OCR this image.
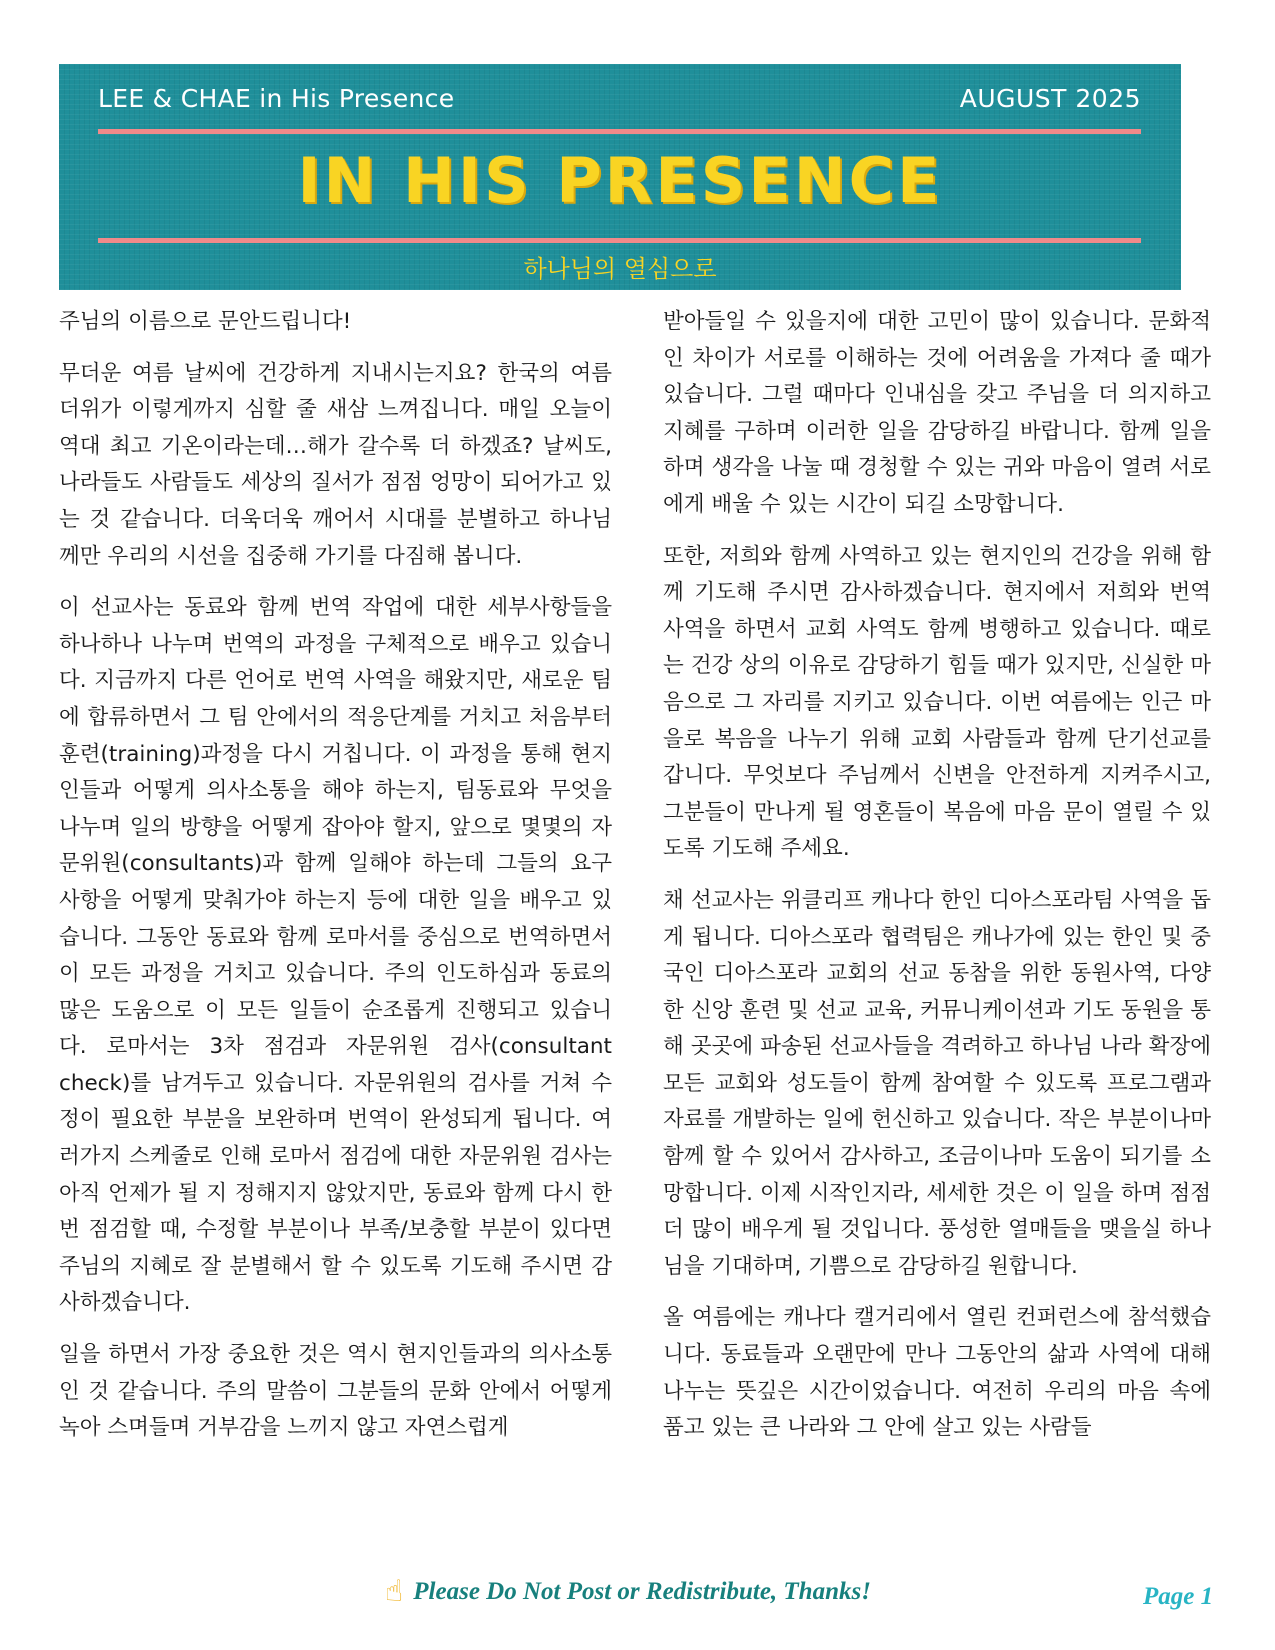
LEE & CHAE in His Presence	AUGUST 2025
IN HIS PRESENCE
하나님의 열심으로

주님의 이름으로 문안드립니다!

무더운 여름 날씨에 건강하게 지내시는지요? 한국의 여름 더위가 이렇게까지 심할 줄 새삼 느껴집니다. 매일 오늘이 역대 최고 기온이라는데…해가 갈수록 더 하겠죠? 날씨도, 나라들도 사람들도 세상의 질서가 점점 엉망이 되어가고 있는 것 같습니다. 더욱더욱 깨어서 시대를 분별하고 하나님께만 우리의 시선을 집중해 가기를 다짐해 봅니다.

이 선교사는 동료와 함께 번역 작업에 대한 세부사항들을 하나하나 나누며 번역의 과정을 구체적으로 배우고 있습니다. 지금까지 다른 언어로 번역 사역을 해왔지만, 새로운 팀에 합류하면서 그 팀 안에서의 적응단계를 거치고 처음부터 훈련(training)과정을 다시 거칩니다. 이 과정을 통해 현지인들과 어떻게 의사소통을 해야 하는지, 팀동료와 무엇을 나누며 일의 방향을 어떻게 잡아야 할지, 앞으로 몇몇의 자문위원(consultants)과 함께 일해야 하는데 그들의 요구 사항을 어떻게 맞춰가야 하는지 등에 대한 일을 배우고 있습니다. 그동안 동료와 함께 로마서를 중심으로 번역하면서 이 모든 과정을 거치고 있습니다. 주의 인도하심과 동료의 많은 도움으로 이 모든 일들이 순조롭게 진행되고 있습니다. 로마서는 3차 점검과 자문위원 검사(consultant check)를 남겨두고 있습니다. 자문위원의 검사를 거쳐 수정이 필요한 부분을 보완하며 번역이 완성되게 됩니다. 여러가지 스케줄로 인해 로마서 점검에 대한 자문위원 검사는 아직 언제가 될 지 정해지지 않았지만, 동료와 함께 다시 한번 점검할 때, 수정할 부분이나 부족/보충할 부분이 있다면 주님의 지혜로 잘 분별해서 할 수 있도록 기도해 주시면 감사하겠습니다.

일을 하면서 가장 중요한 것은 역시 현지인들과의 의사소통인 것 같습니다. 주의 말씀이 그분들의 문화 안에서 어떻게 녹아 스며들며 거부감을 느끼지 않고 자연스럽게

받아들일 수 있을지에 대한 고민이 많이 있습니다. 문화적인 차이가 서로를 이해하는 것에 어려움을 가져다 줄 때가 있습니다. 그럴 때마다 인내심을 갖고 주님을 더 의지하고 지혜를 구하며 이러한 일을 감당하길 바랍니다. 함께 일을 하며 생각을 나눌 때 경청할 수 있는 귀와 마음이 열려 서로에게 배울 수 있는 시간이 되길 소망합니다.

또한, 저희와 함께 사역하고 있는 현지인의 건강을 위해 함께 기도해 주시면 감사하겠습니다. 현지에서 저희와 번역 사역을 하면서 교회 사역도 함께 병행하고 있습니다. 때로는 건강 상의 이유로 감당하기 힘들 때가 있지만, 신실한 마음으로 그 자리를 지키고 있습니다. 이번 여름에는 인근 마을로 복음을 나누기 위해 교회 사람들과 함께 단기선교를 갑니다. 무엇보다 주님께서 신변을 안전하게 지켜주시고, 그분들이 만나게 될 영혼들이 복음에 마음 문이 열릴 수 있도록 기도해 주세요.

채 선교사는 위클리프 캐나다 한인 디아스포라팀 사역을 돕게 됩니다. 디아스포라 협력팀은 캐나가에 있는 한인 및 중국인 디아스포라 교회의 선교 동참을 위한 동원사역, 다양한 신앙 훈련 및 선교 교육, 커뮤니케이션과 기도 동원을 통해 곳곳에 파송된 선교사들을 격려하고 하나님 나라 확장에 모든 교회와 성도들이 함께 참여할 수 있도록 프로그램과 자료를 개발하는 일에 헌신하고 있습니다. 작은 부분이나마 함께 할 수 있어서 감사하고, 조금이나마 도움이 되기를 소망합니다. 이제 시작인지라, 세세한 것은 이 일을 하며 점점 더 많이 배우게 될 것입니다. 풍성한 열매들을 맺을실 하나님을 기대하며, 기쁨으로 감당하길 원합니다.

올 여름에는 캐나다 캘거리에서 열린 컨퍼런스에 참석했습니다. 동료들과 오랜만에 만나 그동안의 삶과 사역에 대해 나누는 뜻깊은 시간이었습니다. 여전히 우리의 마음 속에 품고 있는 큰 나라와 그 안에 살고 있는 사람들

☝ Please Do Not Post or Redistribute, Thanks!	Page 1
